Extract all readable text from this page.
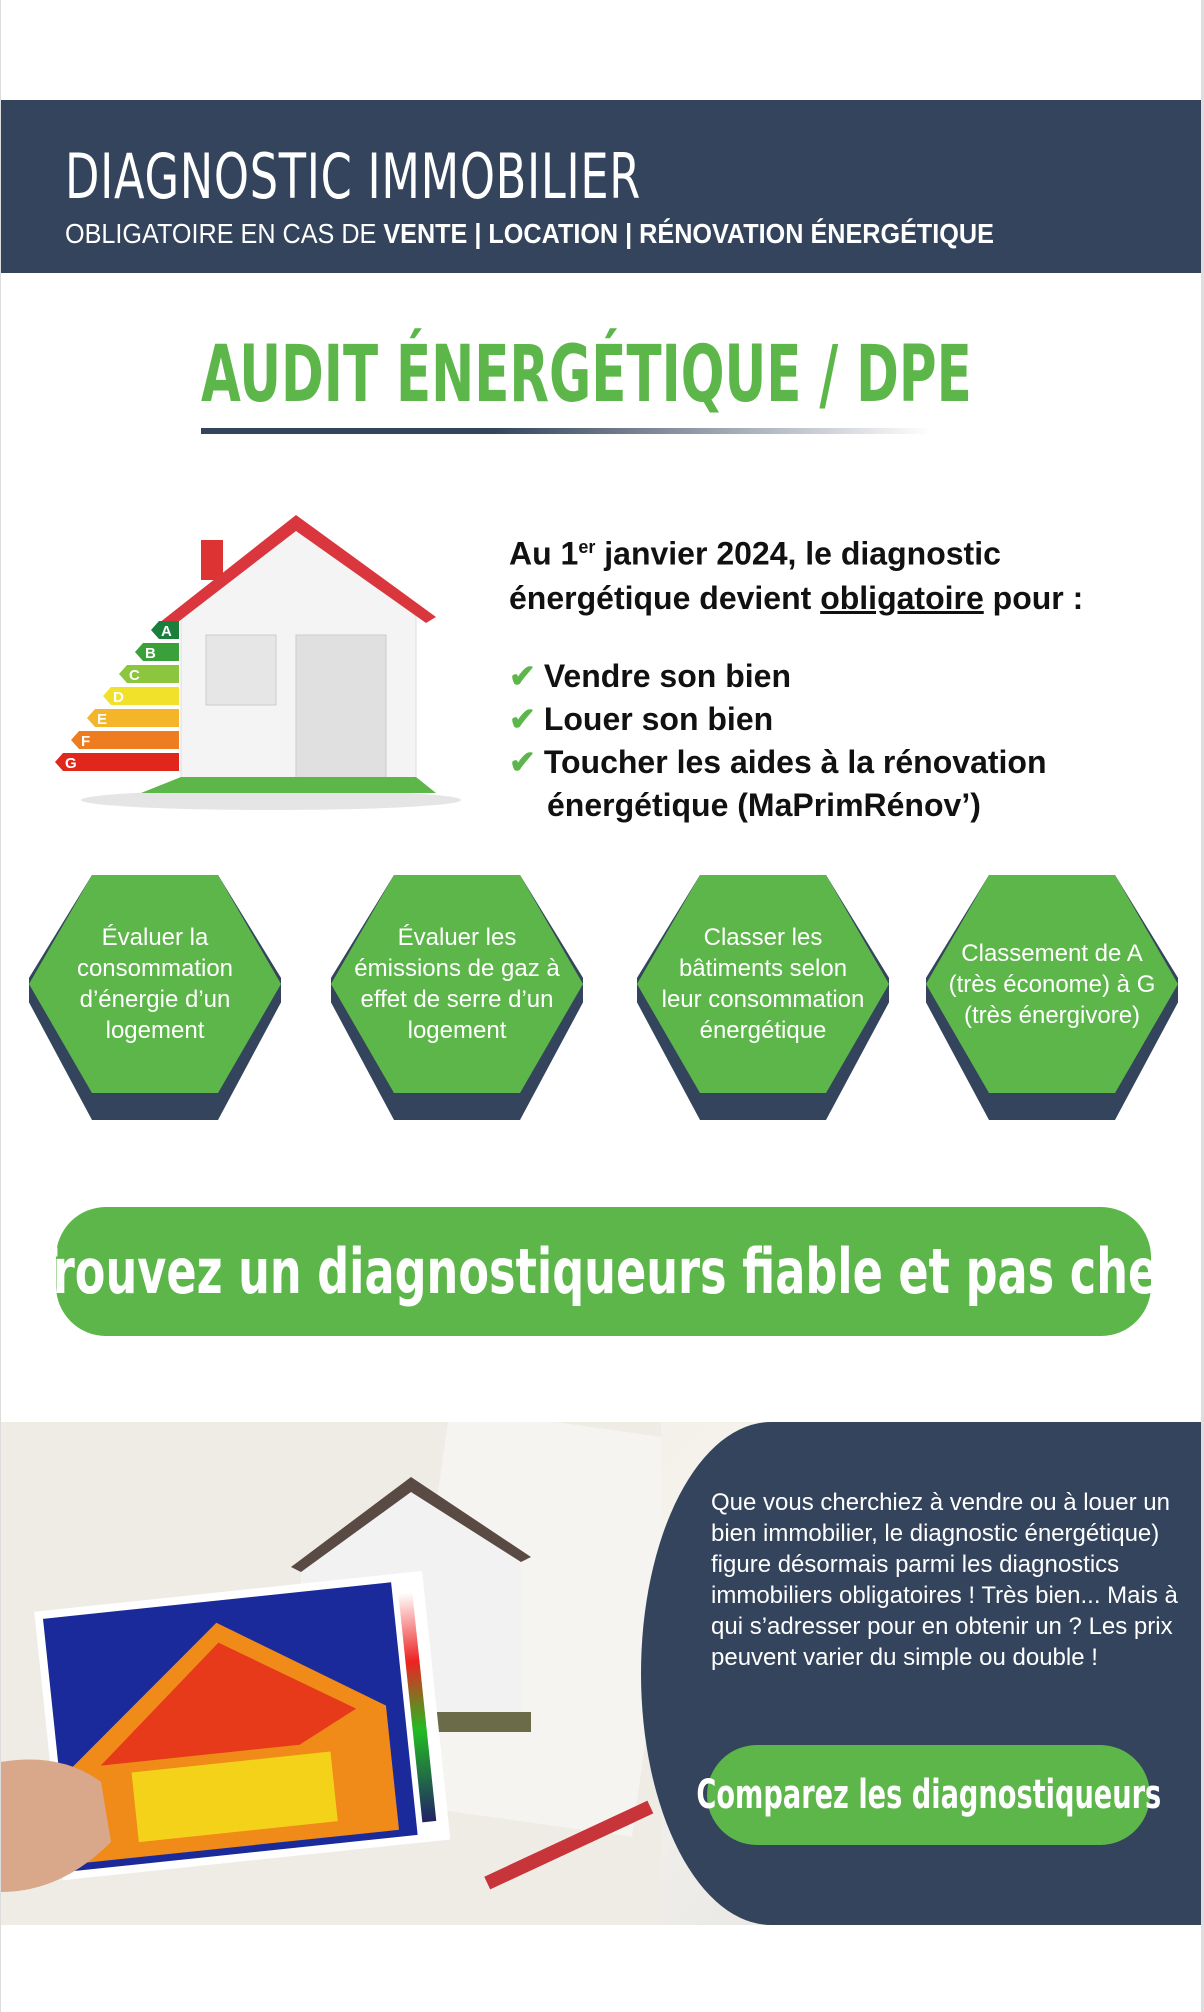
DIAGNOSTIC IMMOBILIER
OBLIGATOIRE EN CAS DE VENTE | LOCATION | RÉNOVATION ÉNERGÉTIQUE
AUDIT ÉNERGÉTIQUE / DPE
A
B
C
D
E
F
G
Au 1er janvier 2024, le diagnostic énergétique devient obligatoire pour :
✔ Vendre son bien
✔ Louer son bien
✔ Toucher les aides à la rénovation
énergétique (MaPrimRénov’)
Évaluer la consommation d’énergie d’un logement
Évaluer les émissions de gaz à effet de serre d’un logement
Classer les bâtiments selon leur consommation énergétique
Classement de A (très économe) à G (très énergivore)
Trouvez un diagnostiqueurs fiable et pas cher
Que vous cherchiez à vendre ou à louer un bien immobilier, le diagnostic énergétique) figure désormais parmi les diagnostics immobiliers obligatoires ! Très bien... Mais à qui s’adresser pour en obtenir un ? Les prix peuvent varier du simple ou double !
Comparez les diagnostiqueurs
